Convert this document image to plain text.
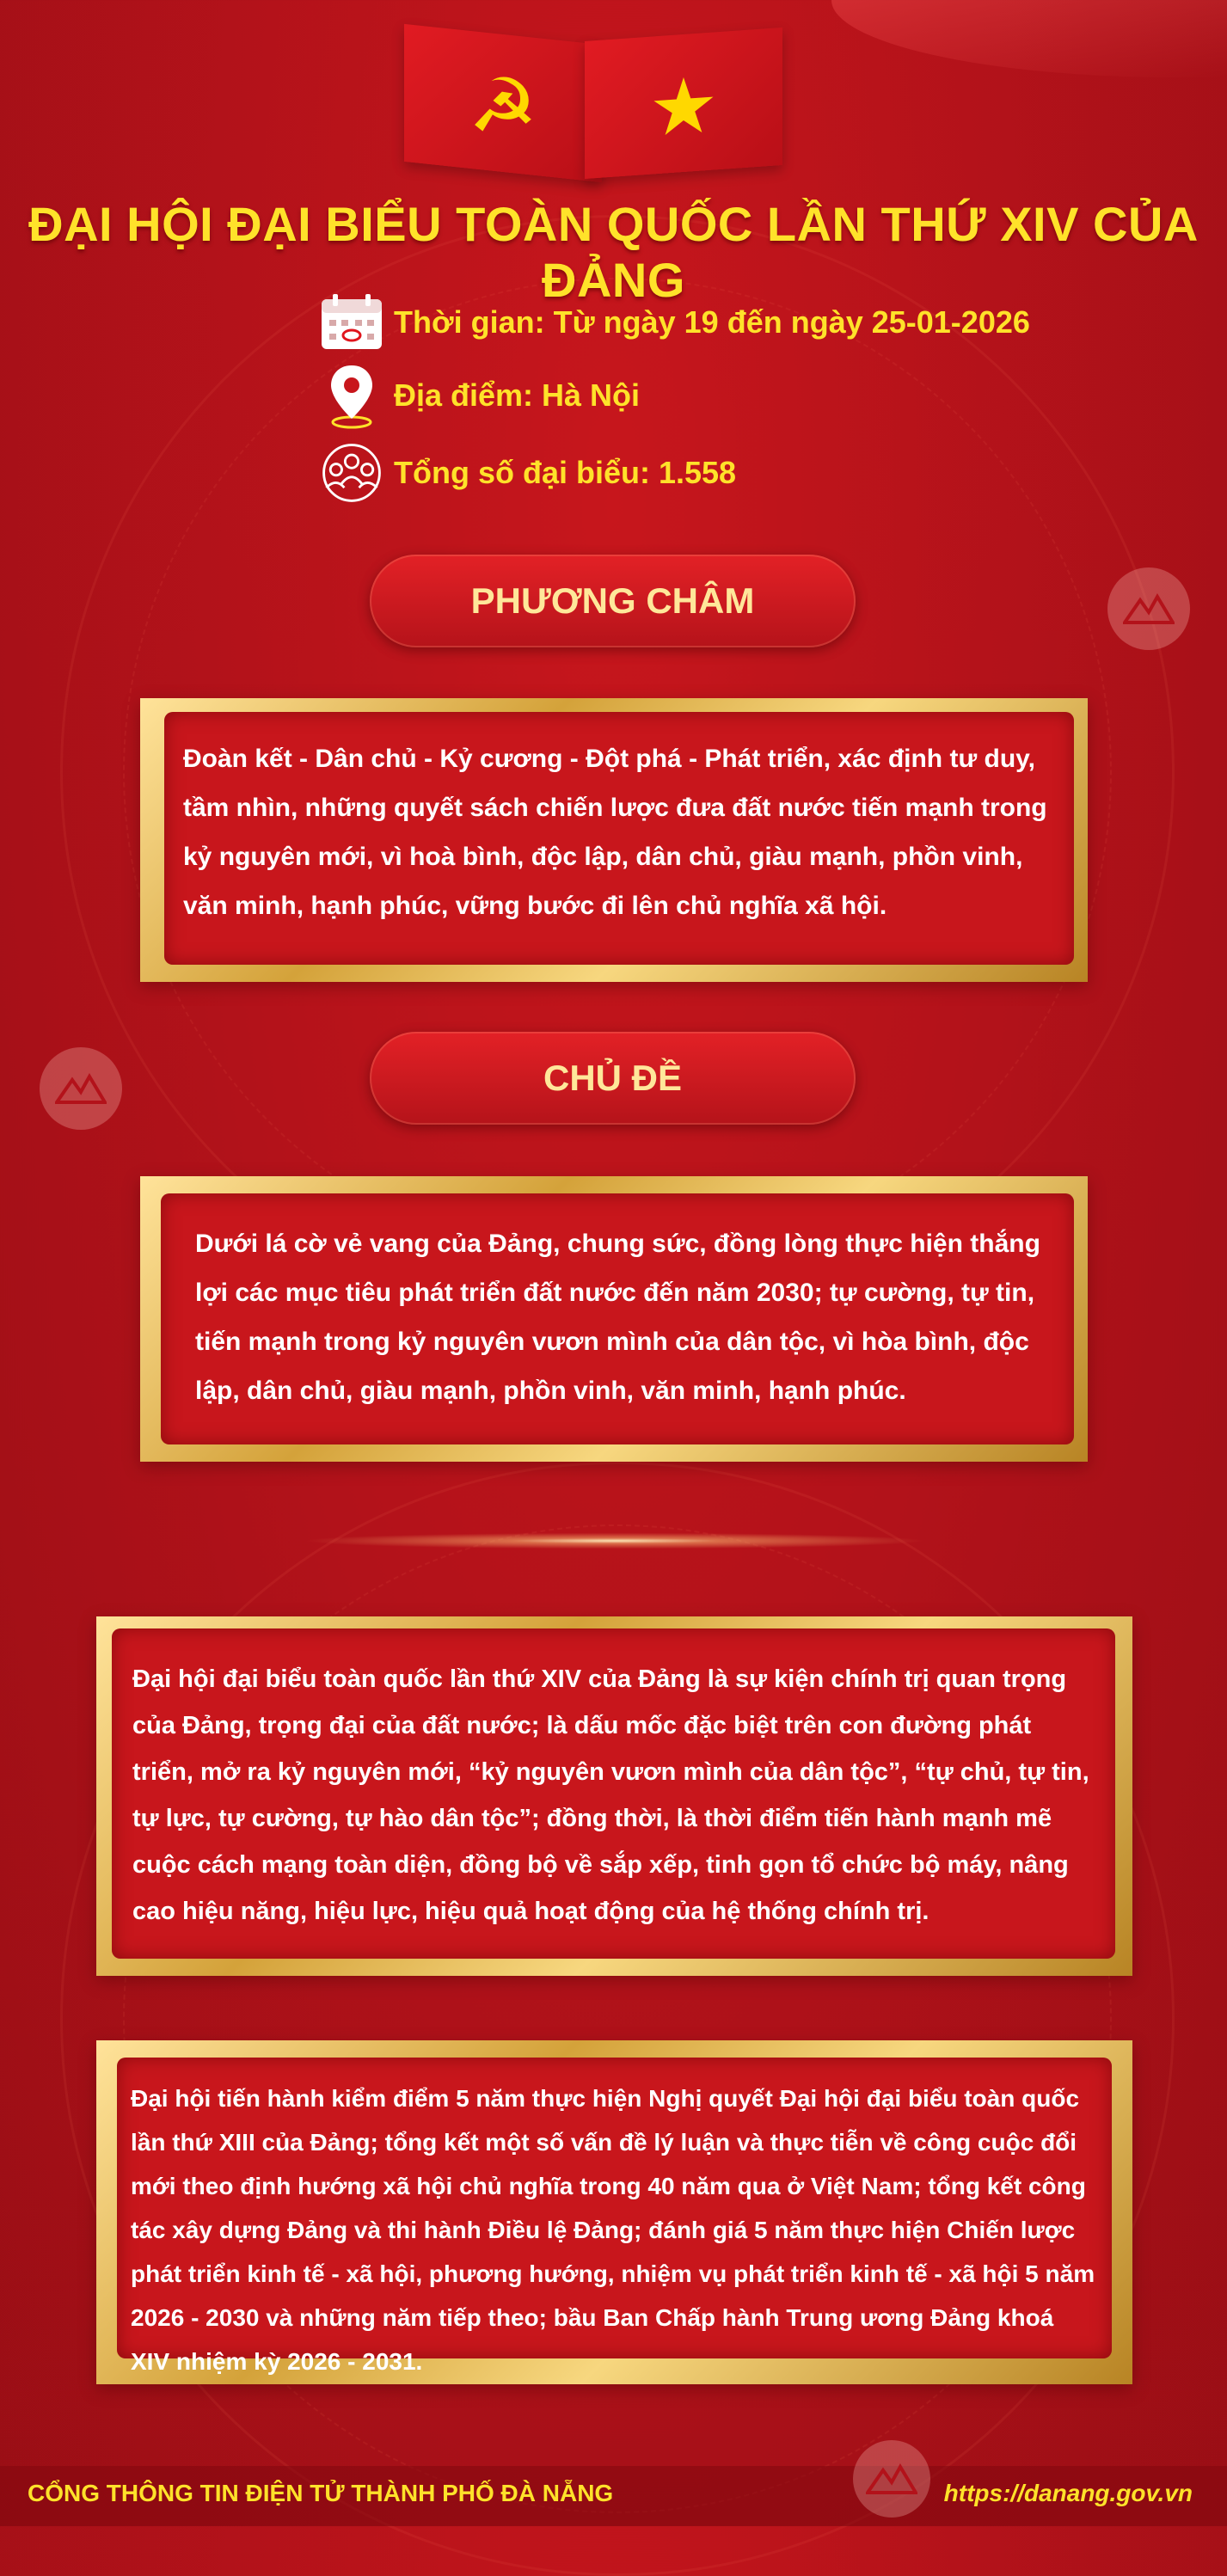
☭	★
ĐẠI HỘI ĐẠI BIỂU TOÀN QUỐC LẦN THỨ XIV CỦA ĐẢNG
Thời gian: Từ ngày 19 đến ngày 25-01-2026
Địa điểm: Hà Nội
Tổng số đại biểu: 1.558
PHƯƠNG CHÂM
Đoàn kết - Dân chủ - Kỷ cương - Đột phá - Phát triển, xác định tư duy, tầm nhìn, những quyết sách chiến lược đưa đất nước tiến mạnh trong kỷ nguyên mới, vì hoà bình, độc lập, dân chủ, giàu mạnh, phồn vinh, văn minh, hạnh phúc, vững bước đi lên chủ nghĩa xã hội.
CHỦ ĐỀ
Dưới lá cờ vẻ vang của Đảng, chung sức, đồng lòng thực hiện thắng lợi các mục tiêu phát triển đất nước đến năm 2030; tự cường, tự tin, tiến mạnh trong kỷ nguyên vươn mình của dân tộc, vì hòa bình, độc lập, dân chủ, giàu mạnh, phồn vinh, văn minh, hạnh phúc.
Đại hội đại biểu toàn quốc lần thứ XIV của Đảng là sự kiện chính trị quan trọng của Đảng, trọng đại của đất nước; là dấu mốc đặc biệt trên con đường phát triển, mở ra kỷ nguyên mới, “kỷ nguyên vươn mình của dân tộc”, “tự chủ, tự tin, tự lực, tự cường, tự hào dân tộc”; đồng thời, là thời điểm tiến hành mạnh mẽ cuộc cách mạng toàn diện, đồng bộ về sắp xếp, tinh gọn tổ chức bộ máy, nâng cao hiệu năng, hiệu lực, hiệu quả hoạt động của hệ thống chính trị.
Đại hội tiến hành kiểm điểm 5 năm thực hiện Nghị quyết Đại hội đại biểu toàn quốc lần thứ XIII của Đảng; tổng kết một số vấn đề lý luận và thực tiễn về công cuộc đổi mới theo định hướng xã hội chủ nghĩa trong 40 năm qua ở Việt Nam; tổng kết công tác xây dựng Đảng và thi hành Điều lệ Đảng; đánh giá 5 năm thực hiện Chiến lược phát triển kinh tế - xã hội, phương hướng, nhiệm vụ phát triển kinh tế - xã hội 5 năm 2026 - 2030 và những năm tiếp theo; bầu Ban Chấp hành Trung ương Đảng khoá XIV nhiệm kỳ 2026 - 2031.
CỔNG THÔNG TIN ĐIỆN TỬ THÀNH PHỐ ĐÀ NẴNG	https://danang.gov.vn
